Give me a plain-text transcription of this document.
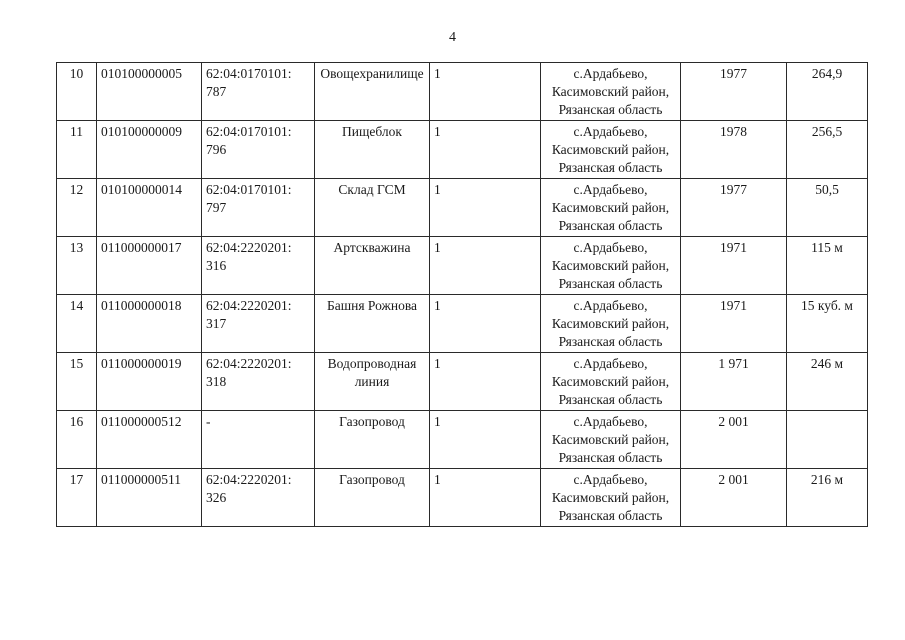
4
10	010100000005	62:04:0170101:
787	Овощехранилище	1	с.Ардабьево,
Касимовский район,
Рязанская область	1977	264,9
11	010100000009	62:04:0170101:
796	Пищеблок	1	с.Ардабьево,
Касимовский район,
Рязанская область	1978	256,5
12	010100000014	62:04:0170101:
797	Склад ГСМ	1	с.Ардабьево,
Касимовский район,
Рязанская область	1977	50,5
13	011000000017	62:04:2220201:
316	Артскважина	1	с.Ардабьево,
Касимовский район,
Рязанская область	1971	115 м
14	011000000018	62:04:2220201:
317	Башня Рожнова	1	с.Ардабьево,
Касимовский район,
Рязанская область	1971	15 куб. м
15	011000000019	62:04:2220201:
318	Водопроводная
линия	1	с.Ардабьево,
Касимовский район,
Рязанская область	1 971	246 м
16	011000000512	-	Газопровод	1	с.Ардабьево,
Касимовский район,
Рязанская область	2 001	
17	011000000511	62:04:2220201:
326	Газопровод	1	с.Ардабьево,
Касимовский район,
Рязанская область	2 001	216 м
